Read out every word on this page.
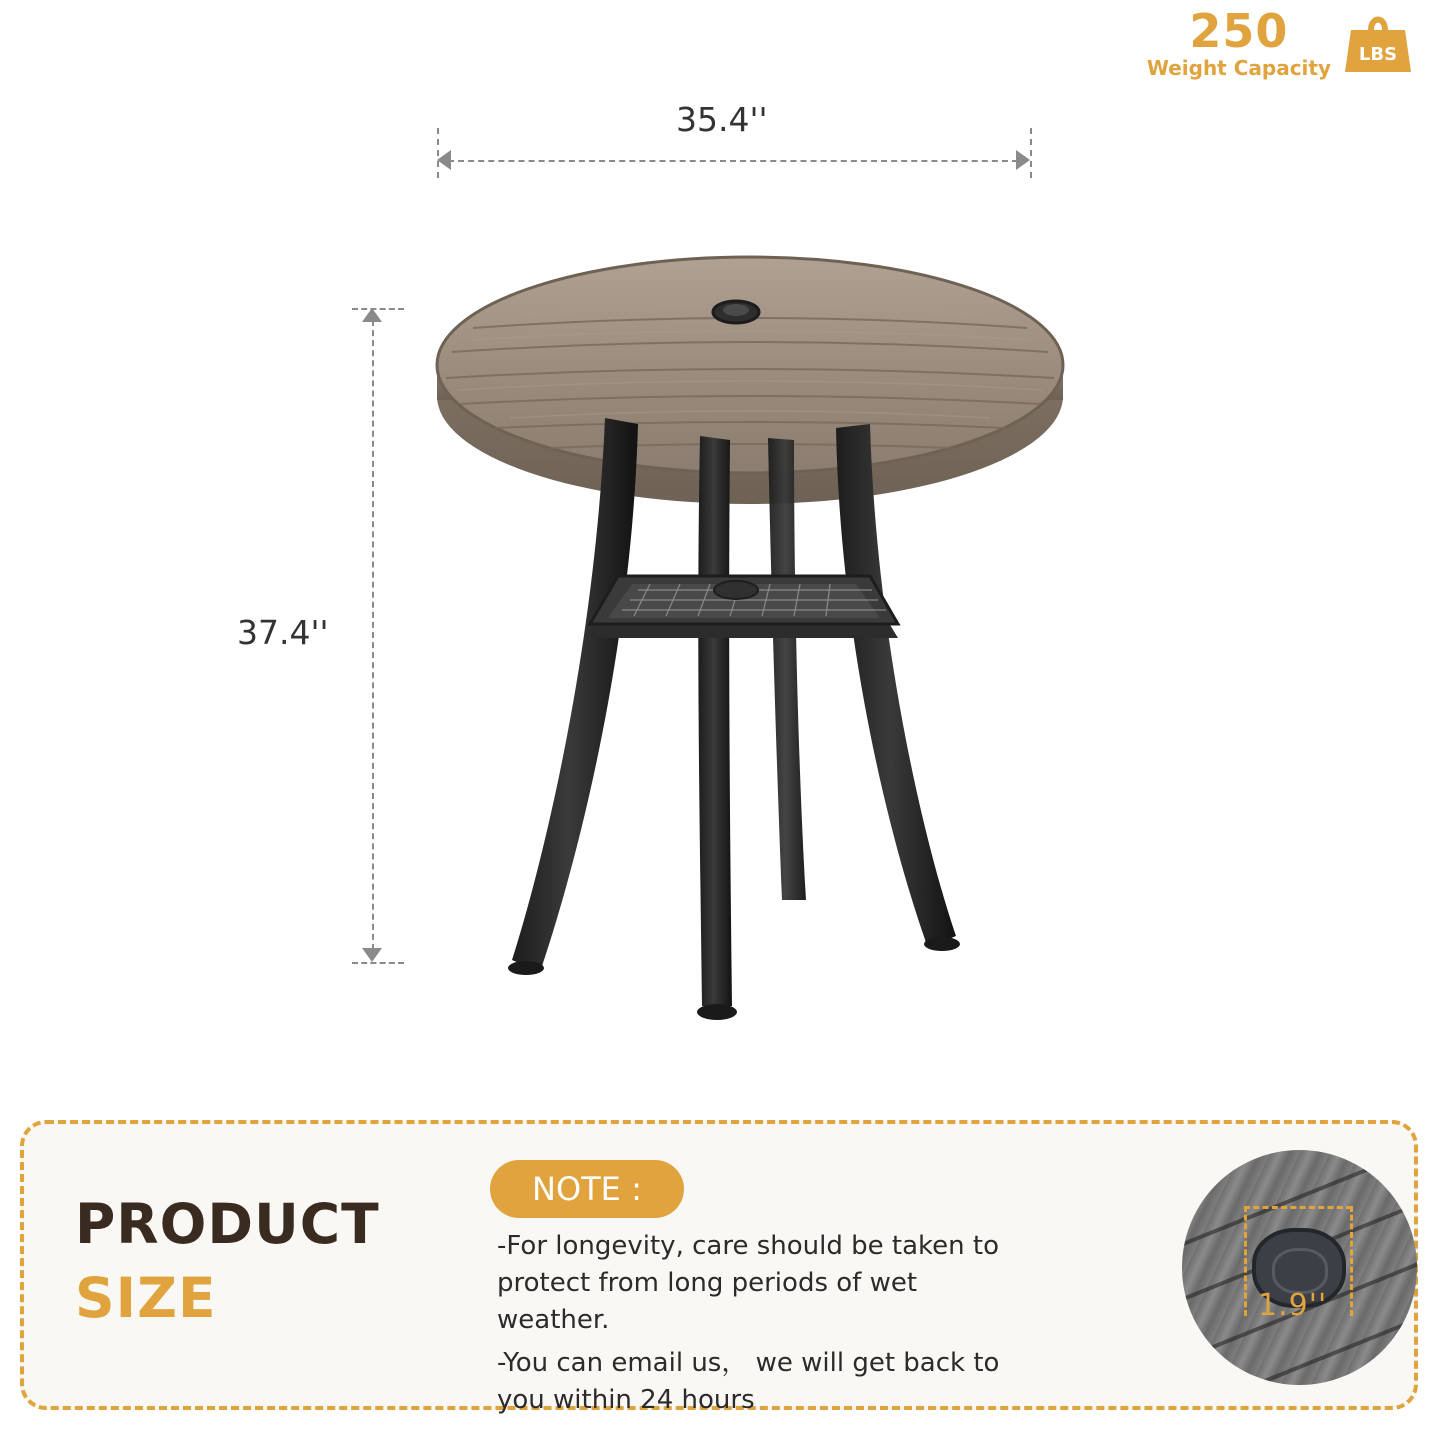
250
Weight Capacity
LBS
35.4''
37.4''
PRODUCT
SIZE
NOTE :

-For longevity, care should be taken to protect from long periods of wet weather.

-You can email us， we will get back to you within 24 hours

1.9''
